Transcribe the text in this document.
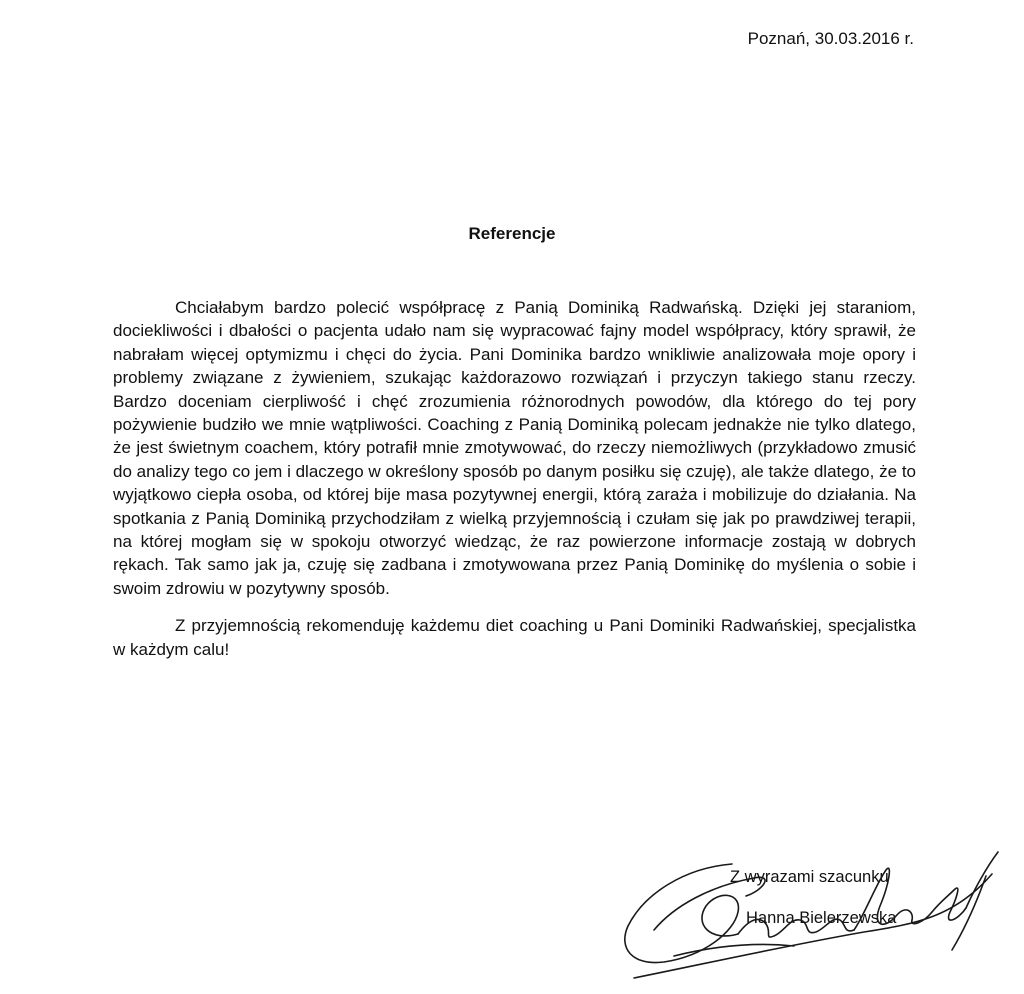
Poznań, 30.03.2016 r.
Referencje

Chciałabym bardzo polecić współpracę z Panią Dominiką Radwańską. Dzięki jej staraniom, dociekliwości i dbałości o pacjenta udało nam się wypracować fajny model współpracy, który sprawił, że nabrałam więcej optymizmu i chęci do życia. Pani Dominika bardzo wnikliwie analizowała moje opory i problemy związane z żywieniem, szukając każdorazowo rozwiązań i przyczyn takiego stanu rzeczy. Bardzo doceniam cierpliwość i chęć zrozumienia różnorodnych powodów, dla którego do tej pory pożywienie budziło we mnie wątpliwości. Coaching z Panią Dominiką polecam jednakże nie tylko dlatego, że jest świetnym coachem, który potrafił mnie zmotywować, do rzeczy niemożliwych (przykładowo zmusić do analizy tego co jem i dlaczego w określony sposób po danym posiłku się czuję), ale także dlatego, że to wyjątkowo ciepła osoba, od której bije masa pozytywnej energii, którą zaraża i mobilizuje do działania. Na spotkania z Panią Dominiką przychodziłam z wielką przyjemnością i czułam się jak po prawdziwej terapii, na której mogłam się w spokoju otworzyć wiedząc, że raz powierzone informacje zostają w dobrych rękach. Tak samo jak ja, czuję się zadbana i zmotywowana przez Panią Dominikę do myślenia o sobie i swoim zdrowiu w pozytywny sposób.

Z przyjemnością rekomenduję każdemu diet coaching u Pani Dominiki Radwańskiej, specjalistka w każdym calu!

Z wyrazami szacunku
Hanna Bielerzewska
